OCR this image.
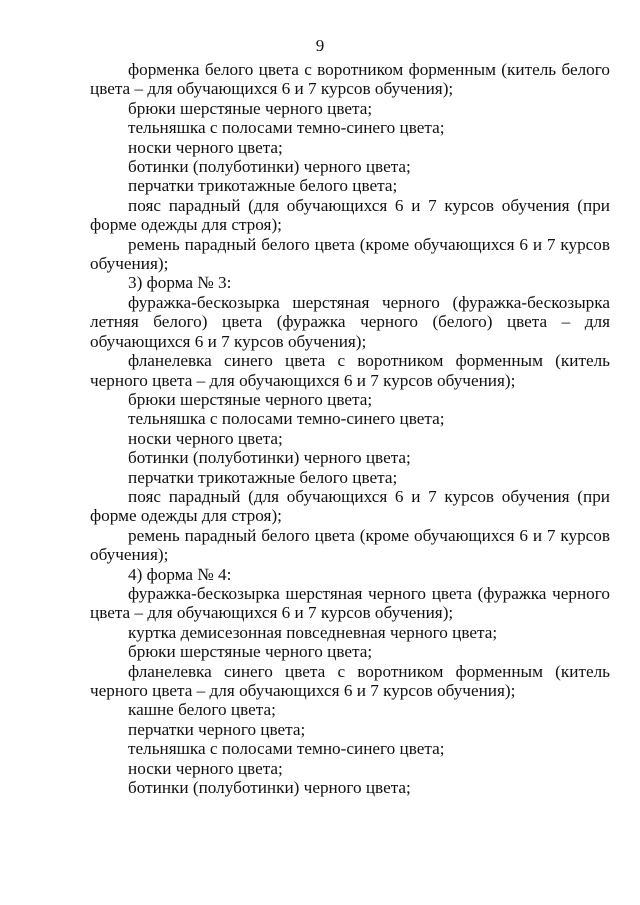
9

форменка белого цвета с воротником форменным (китель белого цвета – для обучающихся 6 и 7 курсов обучения);

брюки шерстяные черного цвета;

тельняшка с полосами темно-синего цвета;

носки черного цвета;

ботинки (полуботинки) черного цвета;

перчатки трикотажные белого цвета;

пояс парадный (для обучающихся 6 и 7 курсов обучения (при форме одежды для строя);

ремень парадный белого цвета (кроме обучающихся 6 и 7 курсов обучения);

3) форма № 3:

фуражка-бескозырка шерстяная черного (фуражка-бескозырка летняя белого) цвета (фуражка черного (белого) цвета – для обучающихся 6 и 7 курсов обучения);

фланелевка синего цвета с воротником форменным (китель черного цвета – для обучающихся 6 и 7 курсов обучения);

брюки шерстяные черного цвета;

тельняшка с полосами темно-синего цвета;

носки черного цвета;

ботинки (полуботинки) черного цвета;

перчатки трикотажные белого цвета;

пояс парадный (для обучающихся 6 и 7 курсов обучения (при форме одежды для строя);

ремень парадный белого цвета (кроме обучающихся 6 и 7 курсов обучения);

4) форма № 4:

фуражка-бескозырка шерстяная черного цвета (фуражка черного цвета – для обучающихся 6 и 7 курсов обучения);

куртка демисезонная повседневная черного цвета;

брюки шерстяные черного цвета;

фланелевка синего цвета с воротником форменным (китель черного цвета – для обучающихся 6 и 7 курсов обучения);

кашне белого цвета;

перчатки черного цвета;

тельняшка с полосами темно-синего цвета;

носки черного цвета;

ботинки (полуботинки) черного цвета;
